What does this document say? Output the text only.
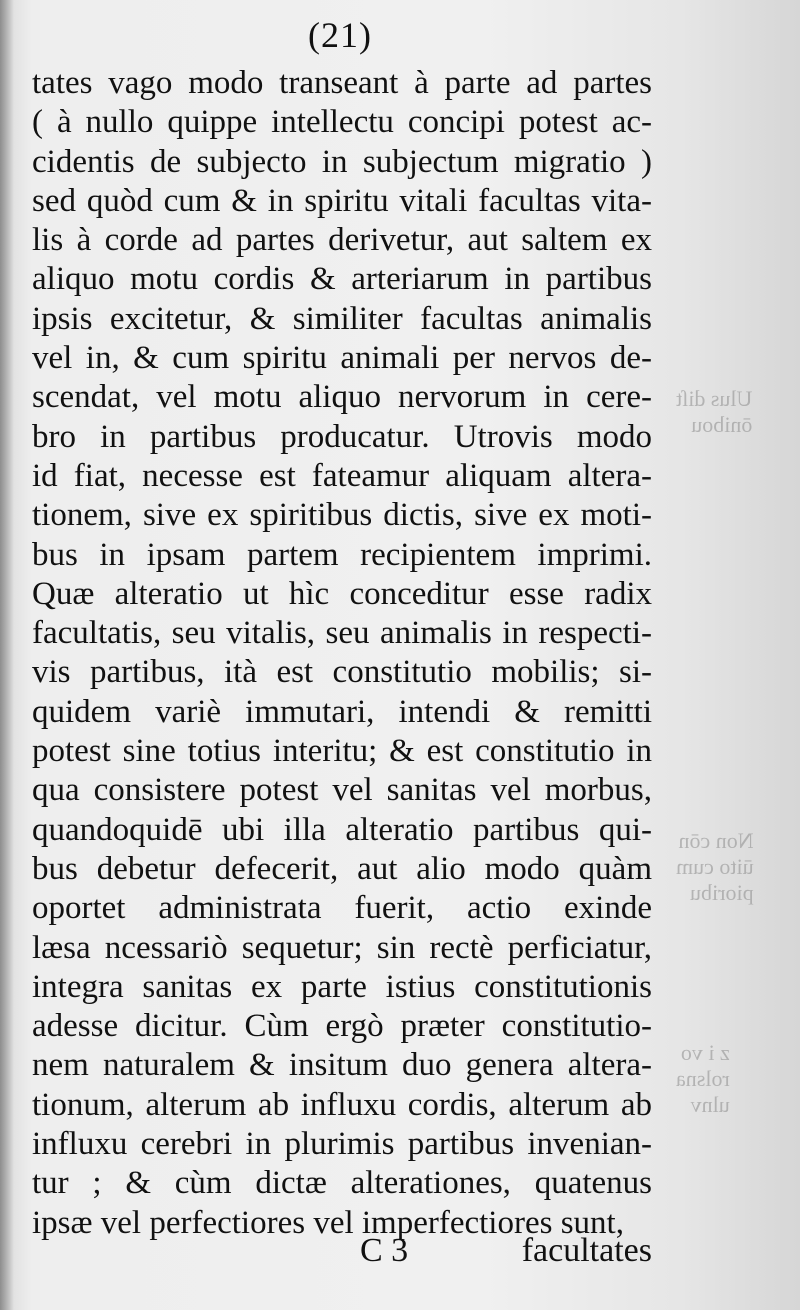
Ulus diſt
ōnibou
Non cōn
ūito cum
pioribu
z i vo
rolsna
ulnv
(21)
tates vago modo transeant à parte ad partes
( à nullo quippe intellectu concipi potest ac-
cidentis de subjecto in subjectum migratio )
sed quòd cum & in spiritu vitali facultas vita-
lis à corde ad partes derivetur, aut saltem ex
aliquo motu cordis & arteriarum in partibus
ipsis excitetur, & similiter facultas animalis
vel in, & cum spiritu animali per nervos de-
scendat, vel motu aliquo nervorum in cere-
bro in partibus producatur. Utrovis modo
id fiat, necesse est fateamur aliquam altera-
tionem, sive ex spiritibus dictis, sive ex moti-
bus in ipsam partem recipientem imprimi.
Quæ alteratio ut hìc conceditur esse radix
facultatis, seu vitalis, seu animalis in respecti-
vis partibus, ità est constitutio mobilis; si-
quidem variè immutari, intendi & remitti
potest sine totius interitu; & est constitutio in
qua consistere potest vel sanitas vel morbus,
quandoquidē ubi illa alteratio partibus qui-
bus debetur defecerit, aut alio modo quàm
oportet administrata fuerit, actio exinde
læsa ncessariò sequetur; sin rectè perficiatur,
integra sanitas ex parte istius constitutionis
adesse dicitur. Cùm ergò præter constitutio-
nem naturalem & insitum duo genera altera-
tionum, alterum ab influxu cordis, alterum ab
influxu cerebri in plurimis partibus invenian-
tur ; & cùm dictæ alterationes, quatenus
ipsæ vel perfectiores vel imperfectiores sunt,
C 3	facultates
